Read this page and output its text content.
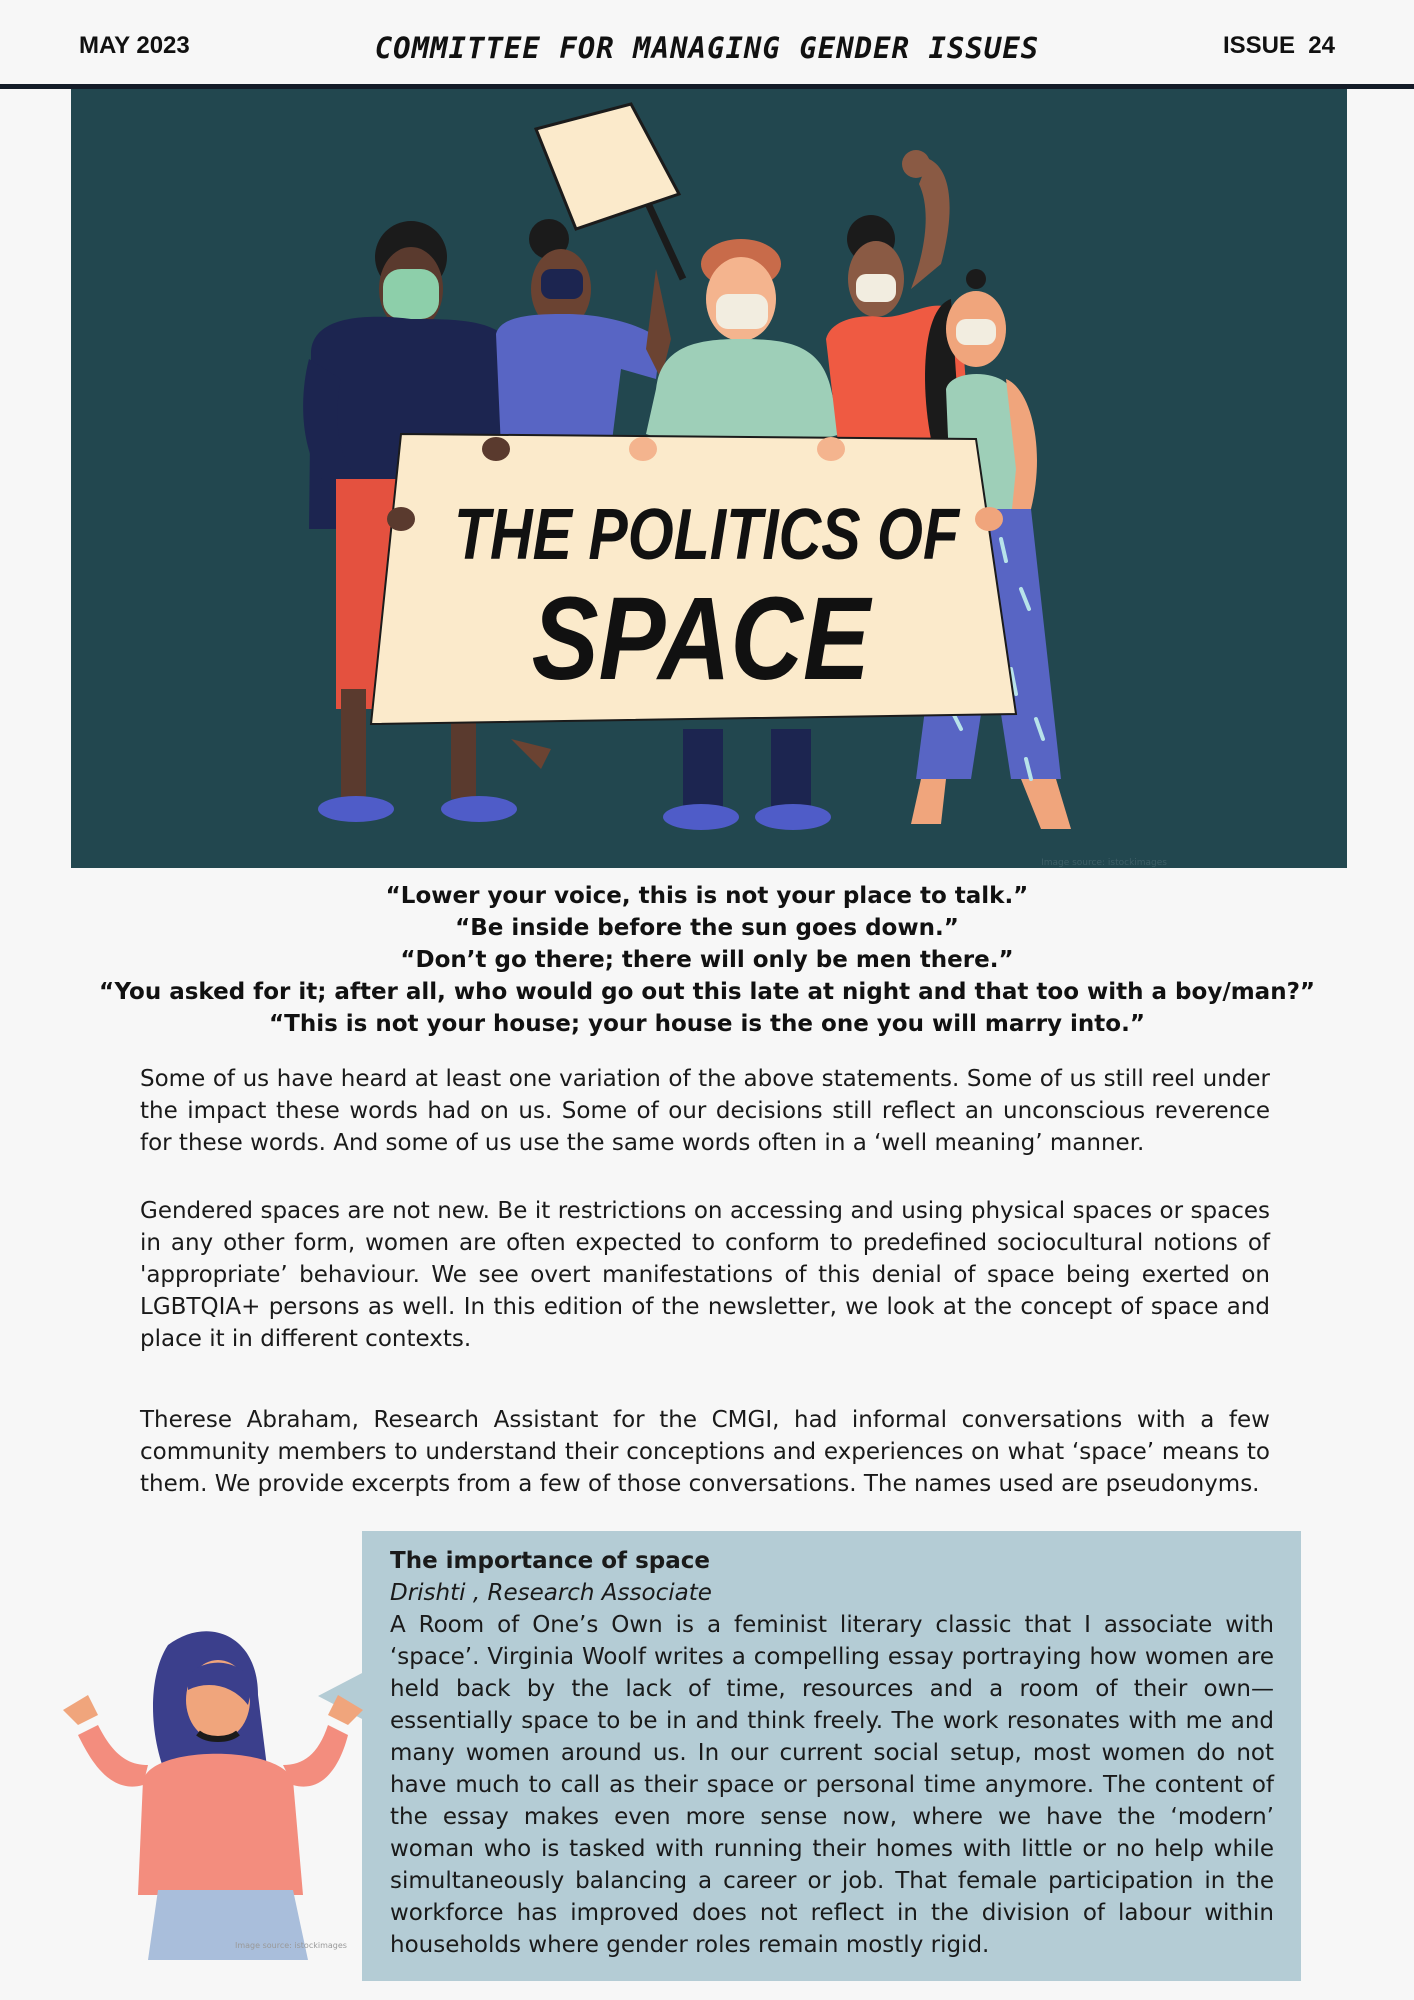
MAY 2023	COMMITTEE FOR MANAGING GENDER ISSUES	ISSUE  24
THE POLITICS OF
SPACE
Image source: istockimages
“Lower your voice, this is not your place to talk.”
“Be inside before the sun goes down.”
“Don’t go there; there will only be men there.”
“You asked for it; after all, who would go out this late at night and that too with a boy/man?”
“This is not your house; your house is the one you will marry into.”
Some of us have heard at least one variation of the above statements. Some of us still reel under the impact these words had on us. Some of our decisions still reflect an unconscious reverence for these words. And some of us use the same words often in a ‘well meaning’ manner.
Gendered spaces are not new. Be it restrictions on accessing and using physical spaces or spaces in any other form, women are often expected to conform to predefined sociocultural notions of 'appropriate’ behaviour. We see overt manifestations of this denial of space being exerted on LGBTQIA+ persons as well. In this edition of the newsletter, we look at the concept of space and place it in different contexts.
Therese Abraham, Research Assistant for the CMGI, had informal conversations with a few community members to understand their conceptions and experiences on what ‘space’ means to them. We provide excerpts from a few of those conversations. The names used are pseudonyms.
The importance of space
Drishti , Research Associate
A Room of One’s Own is a feminist literary classic that I associate with ‘space’. Virginia Woolf writes a compelling essay portraying how women are held back by the lack of time, resources and a room of their own— essentially space to be in and think freely. The work resonates with me and many women around us. In our current social setup, most women do not have much to call as their space or personal time anymore. The content of the essay makes even more sense now, where we have the ‘modern’ woman who is tasked with running their homes with little or no help while simultaneously balancing a career or job. That female participation in the workforce has improved does not reflect in the division of labour within households where gender roles remain mostly rigid.
Image source: istockimages
